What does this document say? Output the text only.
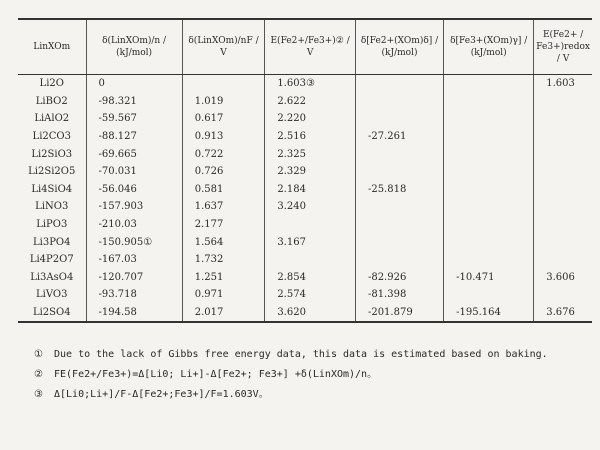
LinXOm	δ(LinXOm)/n / (kJ/mol)	δ(LinXOm)/nF / V	E(Fe2+/Fe3+)② / V	δ[Fe2+(XOm)δ] / (kJ/mol)	δ[Fe3+(XOm)γ] / (kJ/mol)	E(Fe2+ / Fe3+)redox / V
Li2O	0		1.603③			1.603
LiBO2	-98.321	1.019	2.622			
LiAlO2	-59.567	0.617	2.220			
Li2CO3	-88.127	0.913	2.516	-27.261		
Li2SiO3	-69.665	0.722	2.325			
Li2Si2O5	-70.031	0.726	2.329			
Li4SiO4	-56.046	0.581	2.184	-25.818		
LiNO3	-157.903	1.637	3.240			
LiPO3	-210.03	2.177				
Li3PO4	-150.905①	1.564	3.167			
Li4P2O7	-167.03	1.732				
Li3AsO4	-120.707	1.251	2.854	-82.926	-10.471	3.606
LiVO3	-93.718	0.971	2.574	-81.398		
Li2SO4	-194.58	2.017	3.620	-201.879	-195.164	3.676
①	Due to the lack of Gibbs free energy data, this data is estimated based on baking.
②	FE(Fe2+/Fe3+)=Δ[Li0; Li+]-Δ[Fe2+; Fe3+] +δ(LinXOm)/n。
③	Δ[Li0;Li+]/F-Δ[Fe2+;Fe3+]/F=1.603V。
